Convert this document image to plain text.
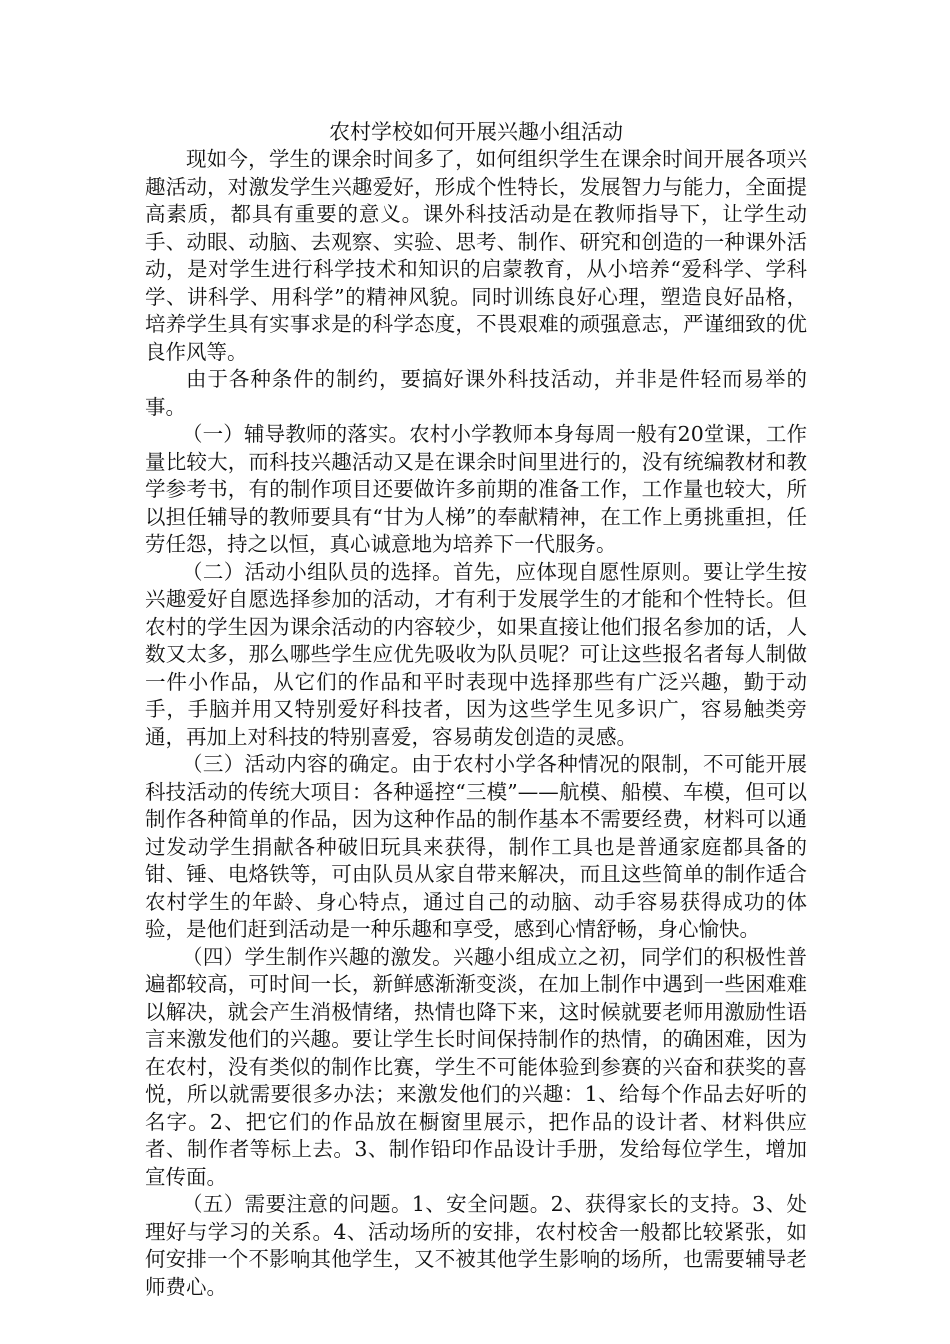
农村学校如何开展兴趣小组活动

现如今，学生的课余时间多了，如何组织学生在课余时间开展各项兴趣活动，对激发学生兴趣爱好，形成个性特长，发展智力与能力，全面提高素质，都具有重要的意义。课外科技活动是在教师指导下，让学生动手、动眼、动脑、去观察、实验、思考、制作、研究和创造的一种课外活动，是对学生进行科学技术和知识的启蒙教育，从小培养“爱科学、学科学、讲科学、用科学”的精神风貌。同时训练良好心理，塑造良好品格，培养学生具有实事求是的科学态度，不畏艰难的顽强意志，严谨细致的优良作风等。

由于各种条件的制约，要搞好课外科技活动，并非是件轻而易举的事。

（一）辅导教师的落实。农村小学教师本身每周一般有20堂课，工作量比较大，而科技兴趣活动又是在课余时间里进行的，没有统编教材和教学参考书，有的制作项目还要做许多前期的准备工作，工作量也较大，所以担任辅导的教师要具有“甘为人梯”的奉献精神，在工作上勇挑重担，任劳任怨，持之以恒，真心诚意地为培养下一代服务。

（二）活动小组队员的选择。首先，应体现自愿性原则。要让学生按兴趣爱好自愿选择参加的活动，才有利于发展学生的才能和个性特长。但农村的学生因为课余活动的内容较少，如果直接让他们报名参加的话，人数又太多，那么哪些学生应优先吸收为队员呢？可让这些报名者每人制做一件小作品，从它们的作品和平时表现中选择那些有广泛兴趣，勤于动手，手脑并用又特别爱好科技者，因为这些学生见多识广，容易触类旁通，再加上对科技的特别喜爱，容易萌发创造的灵感。

（三）活动内容的确定。由于农村小学各种情况的限制，不可能开展科技活动的传统大项目：各种遥控“三模”——航模、船模、车模，但可以制作各种简单的作品，因为这种作品的制作基本不需要经费，材料可以通过发动学生捐献各种破旧玩具来获得，制作工具也是普通家庭都具备的钳、锤、电烙铁等，可由队员从家自带来解决，而且这些简单的制作适合农村学生的年龄、身心特点，通过自己的动脑、动手容易获得成功的体验，是他们赶到活动是一种乐趣和享受，感到心情舒畅，身心愉快。

（四）学生制作兴趣的激发。兴趣小组成立之初，同学们的积极性普遍都较高，可时间一长，新鲜感渐渐变淡，在加上制作中遇到一些困难难以解决，就会产生消极情绪，热情也降下来，这时候就要老师用激励性语言来激发他们的兴趣。要让学生长时间保持制作的热情，的确困难，因为在农村，没有类似的制作比赛，学生不可能体验到参赛的兴奋和获奖的喜悦，所以就需要很多办法；来激发他们的兴趣：1、给每个作品去好听的名字。2、把它们的作品放在橱窗里展示，把作品的设计者、材料供应者、制作者等标上去。3、制作铅印作品设计手册，发给每位学生，增加宣传面。

（五）需要注意的问题。1、安全问题。2、获得家长的支持。3、处理好与学习的关系。4、活动场所的安排，农村校舍一般都比较紧张，如何安排一个不影响其他学生，又不被其他学生影响的场所，也需要辅导老师费心。
